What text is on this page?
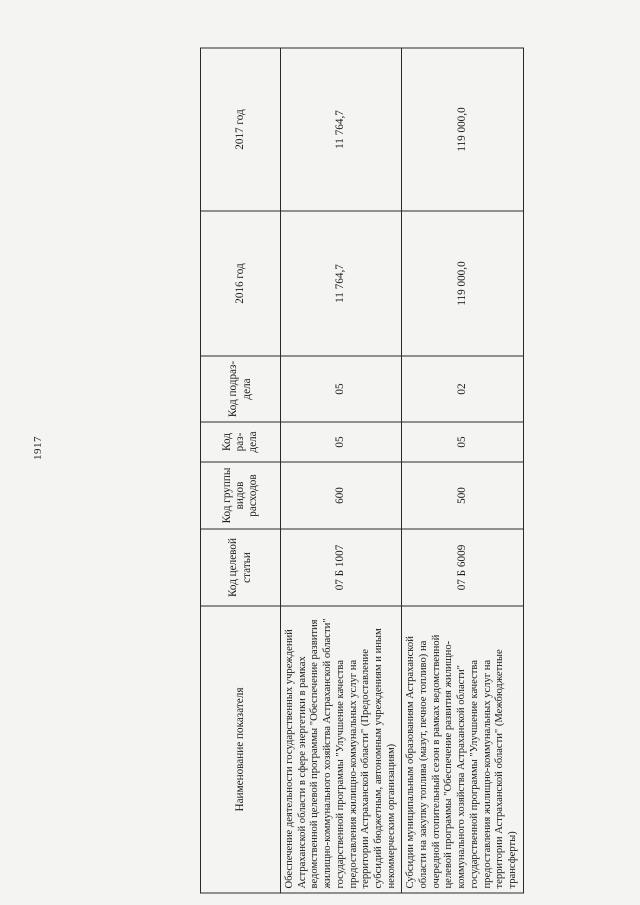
1917
Наименование показателя	Код целевой статьи	Код группы видов расходов	Код раз-дела	Код подраз-дела	2016 год	2017 год
Обеспечение деятельности государственных учреждений Астраханской области в сфере энергетики в рамках ведомственной целевой программы "Обеспечение развития жилищно-коммунального хозяйства Астраханской области" государственной программы "Улучшение качества предоставления жилищно-коммунальных услуг на территории Астраханской области" (Предоставление субсидий бюджетным, автономным учреждениям и иным некоммерческим организациям)	07 Б 1007	600	05	05	11 764,7	11 764,7
Субсидии муниципальным образованиям Астраханской области на закупку топлива (мазут, печное топливо) на очередной отопительный сезон в рамках ведомственной целевой программы "Обеспечение развития жилищно-коммунального хозяйства Астраханской области" государственной программы "Улучшение качества предоставления жилищно-коммунальных услуг на территории Астраханской области" (Межбюджетные трансферты)	07 Б 6009	500	05	02	119 000,0	119 000,0
